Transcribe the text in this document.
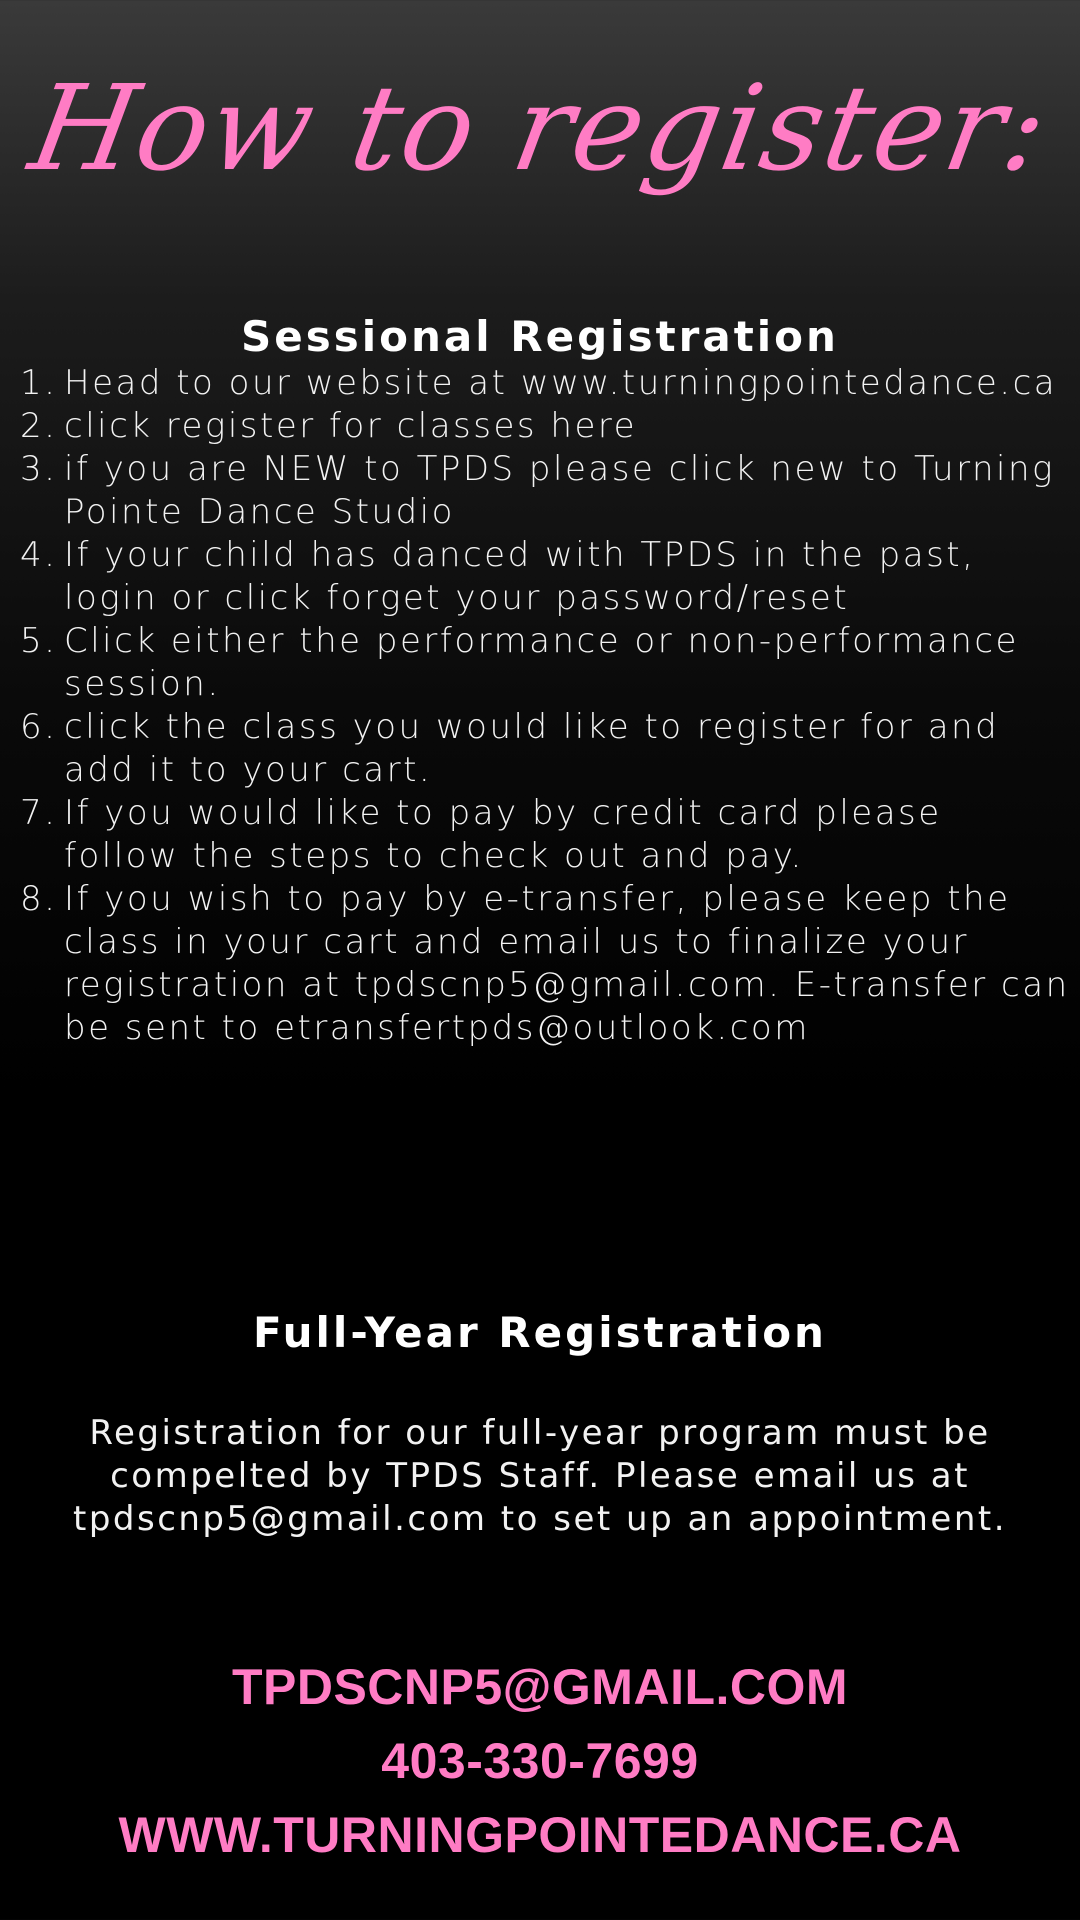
How to register:
Sessional Registration
1. Head to our website at www.turningpointedance.ca
2. click register for classes here
3. if you are NEW to TPDS please click new to Turning Pointe Dance Studio
4. If your child has danced with TPDS in the past, login or click forget your password/reset
5. Click either the performance or non-performance session.
6. click the class you would like to register for and add it to your cart.
7. If you would like to pay by credit card please follow the steps to check out and pay.
8. If you wish to pay by e-transfer, please keep the class in your cart and email us to finalize your registration at tpdscnp5@gmail.com. E-transfer can be sent to etransfertpds@outlook.com
Full-Year Registration
Registration for our full-year program must be compelted by TPDS Staff. Please email us at tpdscnp5@gmail.com to set up an appointment.
TPDSCNP5@GMAIL.COM
403-330-7699
WWW.TURNINGPOINTEDANCE.CA
